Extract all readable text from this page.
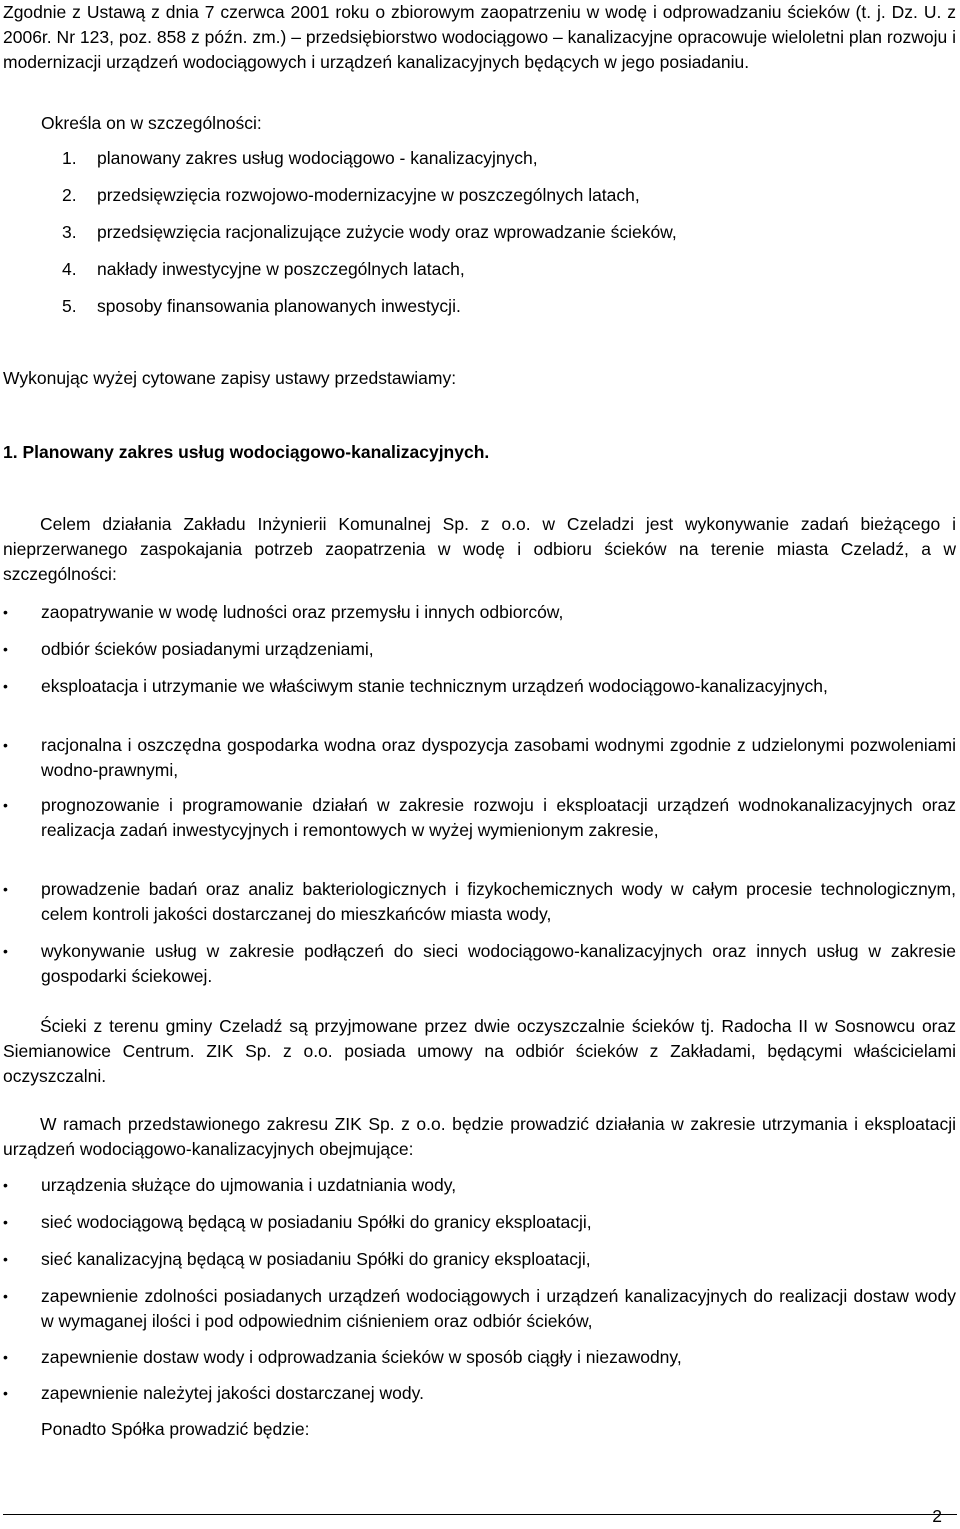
Zgodnie z Ustawą z dnia 7 czerwca 2001 roku o zbiorowym zaopatrzeniu w wodę i odprowadzaniu ścieków (t. j. Dz. U. z 2006r. Nr 123, poz. 858 z późn. zm.) – przedsiębiorstwo wodociągowo – kanalizacyjne opracowuje wieloletni plan rozwoju i modernizacji urządzeń wodociągowych i urządzeń kanalizacyjnych będących w jego posiadaniu.

Określa on w szczególności:

1. planowany zakres usług wodociągowo - kanalizacyjnych,
2. przedsięwzięcia rozwojowo-modernizacyjne w poszczególnych latach,
3. przedsięwzięcia racjonalizujące zużycie wody oraz wprowadzanie ścieków,
4. nakłady inwestycyjne w poszczególnych latach,
5. sposoby finansowania planowanych inwestycji.

Wykonując wyżej cytowane zapisy ustawy przedstawiamy:

1. Planowany zakres usług wodociągowo-kanalizacyjnych.

Celem działania Zakładu Inżynierii Komunalnej Sp. z o.o. w Czeladzi jest wykonywanie zadań bieżącego i nieprzerwanego zaspokajania potrzeb zaopatrzenia w wodę i odbioru ścieków na terenie miasta Czeladź, a w szczególności:

• zaopatrywanie w wodę ludności oraz przemysłu i innych odbiorców,
• odbiór ścieków posiadanymi urządzeniami,
• eksploatacja i utrzymanie we właściwym stanie technicznym urządzeń wodociągowo-kanalizacyjnych,
• racjonalna i oszczędna gospodarka wodna oraz dyspozycja zasobami wodnymi zgodnie z udzielonymi pozwoleniami wodno-prawnymi,
• prognozowanie i programowanie działań w zakresie rozwoju i eksploatacji urządzeń wodnokanalizacyjnych oraz realizacja zadań inwestycyjnych i remontowych w wyżej wymienionym zakresie,
• prowadzenie badań oraz analiz bakteriologicznych i fizykochemicznych wody w całym procesie technologicznym, celem kontroli jakości dostarczanej do mieszkańców miasta wody,
• wykonywanie usług w zakresie podłączeń do sieci wodociągowo-kanalizacyjnych oraz innych usług w zakresie gospodarki ściekowej.

Ścieki z terenu gminy Czeladź są przyjmowane przez dwie oczyszczalnie ścieków tj. Radocha II w Sosnowcu oraz Siemianowice Centrum. ZIK Sp. z o.o. posiada umowy na odbiór ścieków z Zakładami, będącymi właścicielami oczyszczalni.

W ramach przedstawionego zakresu ZIK Sp. z o.o. będzie prowadzić działania w zakresie utrzymania i eksploatacji urządzeń wodociągowo-kanalizacyjnych obejmujące:

• urządzenia służące do ujmowania i uzdatniania wody,
• sieć wodociągową będącą w posiadaniu Spółki do granicy eksploatacji,
• sieć kanalizacyjną będącą w posiadaniu Spółki do granicy eksploatacji,
• zapewnienie zdolności posiadanych urządzeń wodociągowych i urządzeń kanalizacyjnych do realizacji dostaw wody w wymaganej ilości i pod odpowiednim ciśnieniem oraz odbiór ścieków,
• zapewnienie dostaw wody i odprowadzania ścieków w sposób ciągły i niezawodny,
• zapewnienie należytej jakości dostarczanej wody.

Ponadto Spółka prowadzić będzie:

2
